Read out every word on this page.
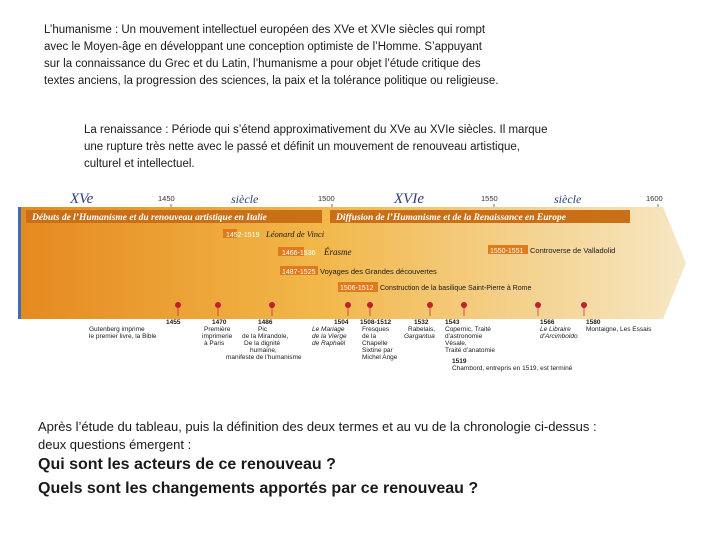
L’humanisme : Un mouvement intellectuel européen des XVe et XVIe siècles qui rompt
avec le Moyen-âge en développant une conception optimiste de l’Homme. S’appuyant
sur la connaissance du Grec et du Latin, l’humanisme a pour objet l’étude critique des
textes anciens, la progression des sciences, la paix et la tolérance politique ou religieuse.
La renaissance : Période qui s’étend approximativement du XVe au XVIe siècles. Il marque
une rupture très nette avec le passé et définit un mouvement de renouveau artistique,
culturel et intellectuel.
XVe	siècle	XVIe	siècle
1450	1500	1550	1600
Débuts de l’Humanisme et du renouveau artistique en Italie	Diffusion de l’Humanisme et de la Renaissance en Europe
1452-1519 Léonard de Vinci
1466-1536 Érasme
1487-1525 Voyages des Grandes découvertes
1506-1512 Construction de la basilique Saint-Pierre à Rome
1550-1551 Controverse de Valladolid
1455 Gutenberg imprime le premier livre, la Bible
1470 Première imprimerie à Paris
1486 Pic de la Mirandole, De la dignité humaine, manifeste de l’humanisme
1504 Le Mariage de la Vierge de Raphaël
1508-1512 Fresques de la Chapelle Sixtine par Michel Ange
1532 Rabelais, Gargantua
1543 Copernic, Traité d’astronomie Vésale, Traité d’anatomie
1566 Le Libraire d’Arcimboldo
1580 Montaigne, Les Essais
1519 Chambord, entrepris en 1519, est terminé
Après l’étude du tableau, puis la définition des deux termes et au vu de la chronologie ci-dessus :
deux questions émergent :
Qui sont les acteurs de ce renouveau ?
Quels sont les changements apportés par ce renouveau ?
